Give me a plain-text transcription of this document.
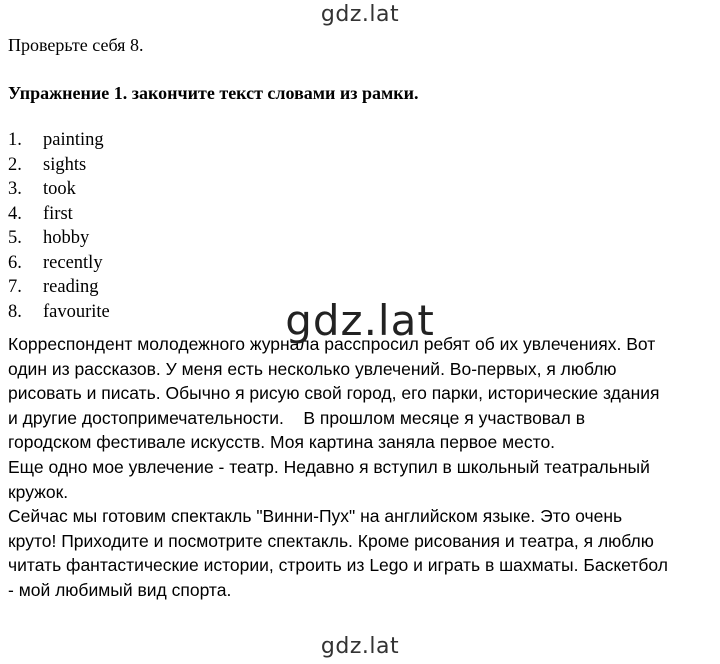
gdz.lat

Проверьте себя 8.

Упражнение 1. закончите текст словами из рамки.

1.	painting
2.	sights
3.	took
4.	first
5.	hobby
6.	recently
7.	reading
8.	favourite
Корреспондент молодежного журнала расспросил ребят об их увлечениях. Вот
один из рассказов. У меня есть несколько увлечений. Во-первых, я люблю
рисовать и писать. Обычно я рисую свой город, его парки, исторические здания
и другие достопримечательности.    В прошлом месяце я участвовал в
городском фестивале искусств. Моя картина заняла первое место.
Еще одно мое увлечение - театр. Недавно я вступил в школьный театральный
кружок.
Сейчас мы готовим спектакль "Винни-Пух" на английском языке. Это очень
круто! Приходите и посмотрите спектакль. Кроме рисования и театра, я люблю
читать фантастические истории, строить из Lego и играть в шахматы. Баскетбол
- мой любимый вид спорта.
gdz.lat
gdz.lat
